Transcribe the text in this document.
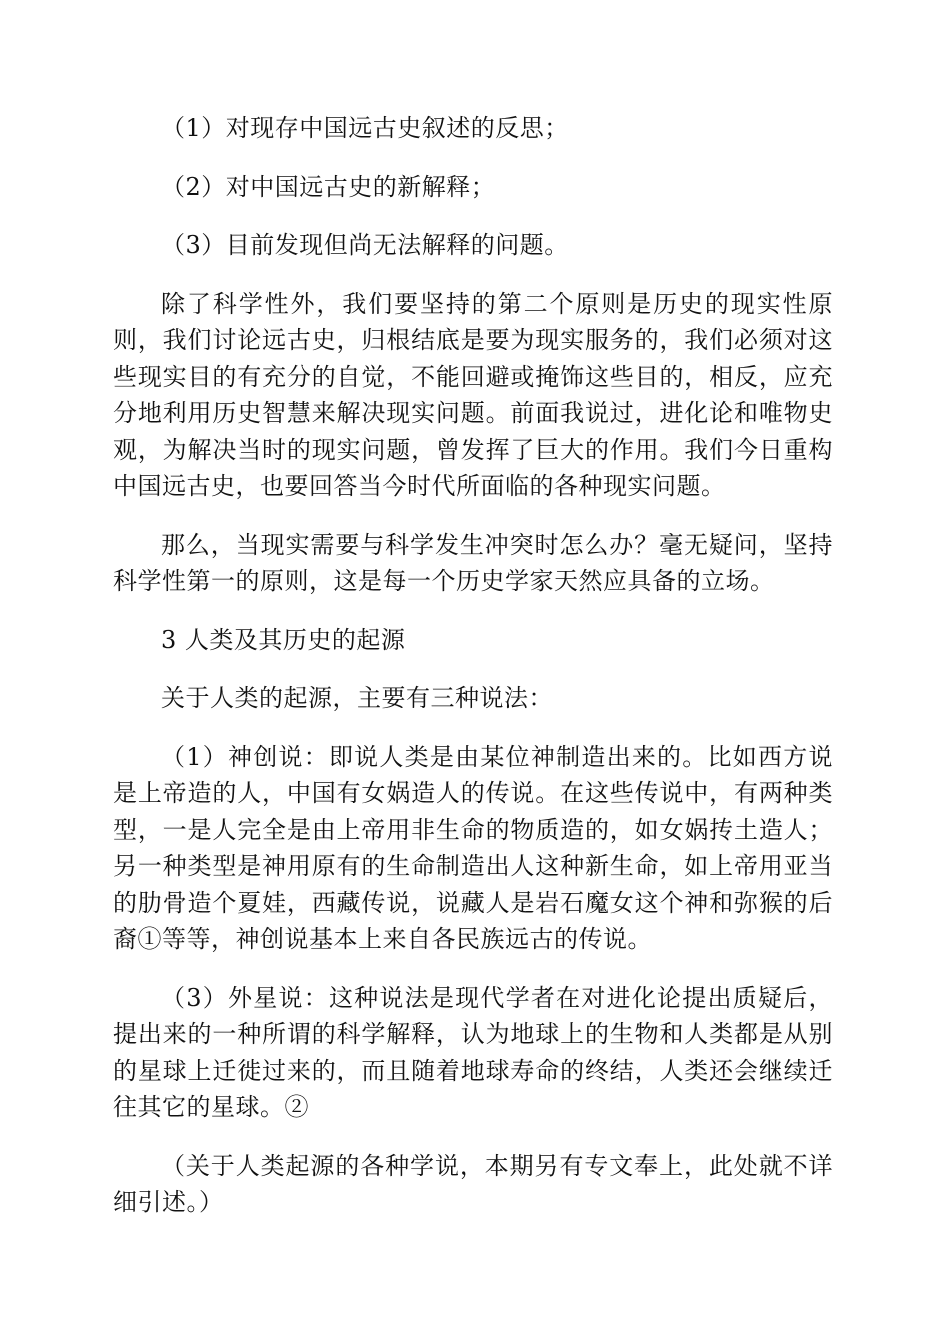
（1）对现存中国远古史叙述的反思；

（2）对中国远古史的新解释；

（3）目前发现但尚无法解释的问题。

除了科学性外，我们要坚持的第二个原则是历史的现实性原则，我们讨论远古史，归根结底是要为现实服务的，我们必须对这些现实目的有充分的自觉，不能回避或掩饰这些目的，相反，应充分地利用历史智慧来解决现实问题。前面我说过，进化论和唯物史观，为解决当时的现实问题，曾发挥了巨大的作用。我们今日重构中国远古史，也要回答当今时代所面临的各种现实问题。

那么，当现实需要与科学发生冲突时怎么办？毫无疑问，坚持科学性第一的原则，这是每一个历史学家天然应具备的立场。

3 人类及其历史的起源

关于人类的起源，主要有三种说法：

（1）神创说：即说人类是由某位神制造出来的。比如西方说是上帝造的人，中国有女娲造人的传说。在这些传说中，有两种类型，一是人完全是由上帝用非生命的物质造的，如女娲抟土造人；另一种类型是神用原有的生命制造出人这种新生命，如上帝用亚当的肋骨造个夏娃，西藏传说，说藏人是岩石魔女这个神和弥猴的后裔①等等，神创说基本上来自各民族远古的传说。

（3）外星说：这种说法是现代学者在对进化论提出质疑后，提出来的一种所谓的科学解释，认为地球上的生物和人类都是从别的星球上迁徙过来的，而且随着地球寿命的终结，人类还会继续迁往其它的星球。②

（关于人类起源的各种学说，本期另有专文奉上，此处就不详细引述。）
